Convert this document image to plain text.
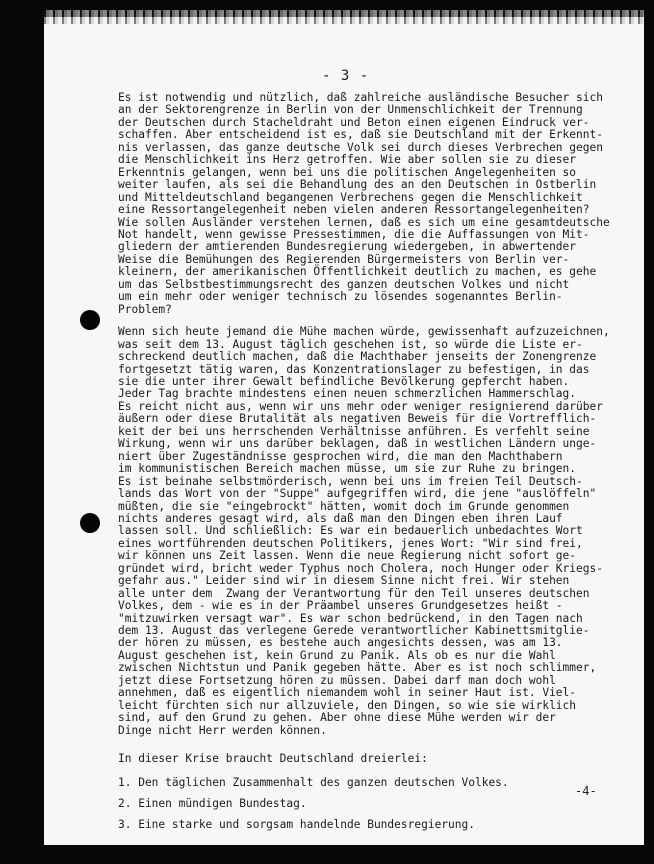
- 3 -
Es ist notwendig und nützlich, daß zahlreiche ausländische Besucher sich
an der Sektorengrenze in Berlin von der Unmenschlichkeit der Trennung
der Deutschen durch Stacheldraht und Beton einen eigenen Eindruck ver-
schaffen. Aber entscheidend ist es, daß sie Deutschland mit der Erkennt-
nis verlassen, das ganze deutsche Volk sei durch dieses Verbrechen gegen
die Menschlichkeit ins Herz getroffen. Wie aber sollen sie zu dieser
Erkenntnis gelangen, wenn bei uns die politischen Angelegenheiten so
weiter laufen, als sei die Behandlung des an den Deutschen in Ostberlin
und Mitteldeutschland begangenen Verbrechens gegen die Menschlichkeit
eine Ressortangelegenheit neben vielen anderen Ressortangelegenheiten?
Wie sollen Ausländer verstehen lernen, daß es sich um eine gesamtdeutsche
Not handelt, wenn gewisse Pressestimmen, die die Auffassungen von Mit-
gliedern der amtierenden Bundesregierung wiedergeben, in abwertender
Weise die Bemühungen des Regierenden Bürgermeisters von Berlin ver-
kleinern, der amerikanischen Öffentlichkeit deutlich zu machen, es gehe
um das Selbstbestimmungsrecht des ganzen deutschen Volkes und nicht
um ein mehr oder weniger technisch zu lösendes sogenanntes Berlin-
Problem?
Wenn sich heute jemand die Mühe machen würde, gewissenhaft aufzuzeichnen,
was seit dem 13. August täglich geschehen ist, so würde die Liste er-
schreckend deutlich machen, daß die Machthaber jenseits der Zonengrenze
fortgesetzt tätig waren, das Konzentrationslager zu befestigen, in das
sie die unter ihrer Gewalt befindliche Bevölkerung gepfercht haben.
Jeder Tag brachte mindestens einen neuen schmerzlichen Hammerschlag.
Es reicht nicht aus, wenn wir uns mehr oder weniger resignierend darüber
äußern oder diese Brutalität als negativen Beweis für die Vortrefflich-
keit der bei uns herrschenden Verhältnisse anführen. Es verfehlt seine
Wirkung, wenn wir uns darüber beklagen, daß in westlichen Ländern unge-
niert über Zugeständnisse gesprochen wird, die man den Machthabern
im kommunistischen Bereich machen müsse, um sie zur Ruhe zu bringen.
Es ist beinahe selbstmörderisch, wenn bei uns im freien Teil Deutsch-
lands das Wort von der "Suppe" aufgegriffen wird, die jene "auslöffeln"
müßten, die sie "eingebrockt" hätten, womit doch im Grunde genommen
nichts anderes gesagt wird, als daß man den Dingen eben ihren Lauf
lassen soll. Und schließlich: Es war ein bedauerlich unbedachtes Wort
eines wortführenden deutschen Politikers, jenes Wort: "Wir sind frei,
wir können uns Zeit lassen. Wenn die neue Regierung nicht sofort ge-
gründet wird, bricht weder Typhus noch Cholera, noch Hunger oder Kriegs-
gefahr aus." Leider sind wir in diesem Sinne nicht frei. Wir stehen
alle unter dem  Zwang der Verantwortung für den Teil unseres deutschen
Volkes, dem - wie es in der Präambel unseres Grundgesetzes heißt -
"mitzuwirken versagt war". Es war schon bedrückend, in den Tagen nach
dem 13. August das verlegene Gerede verantwortlicher Kabinettsmitglie-
der hören zu müssen, es bestehe auch angesichts dessen, was am 13.
August geschehen ist, kein Grund zu Panik. Als ob es nur die Wahl
zwischen Nichtstun und Panik gegeben hätte. Aber es ist noch schlimmer,
jetzt diese Fortsetzung hören zu müssen. Dabei darf man doch wohl
annehmen, daß es eigentlich niemandem wohl in seiner Haut ist. Viel-
leicht fürchten sich nur allzuviele, den Dingen, so wie sie wirklich
sind, auf den Grund zu gehen. Aber ohne diese Mühe werden wir der
Dinge nicht Herr werden können.
In dieser Krise braucht Deutschland dreierlei:
1. Den täglichen Zusammenhalt des ganzen deutschen Volkes.
2. Einen mündigen Bundestag.
3. Eine starke und sorgsam handelnde Bundesregierung.
-4-
